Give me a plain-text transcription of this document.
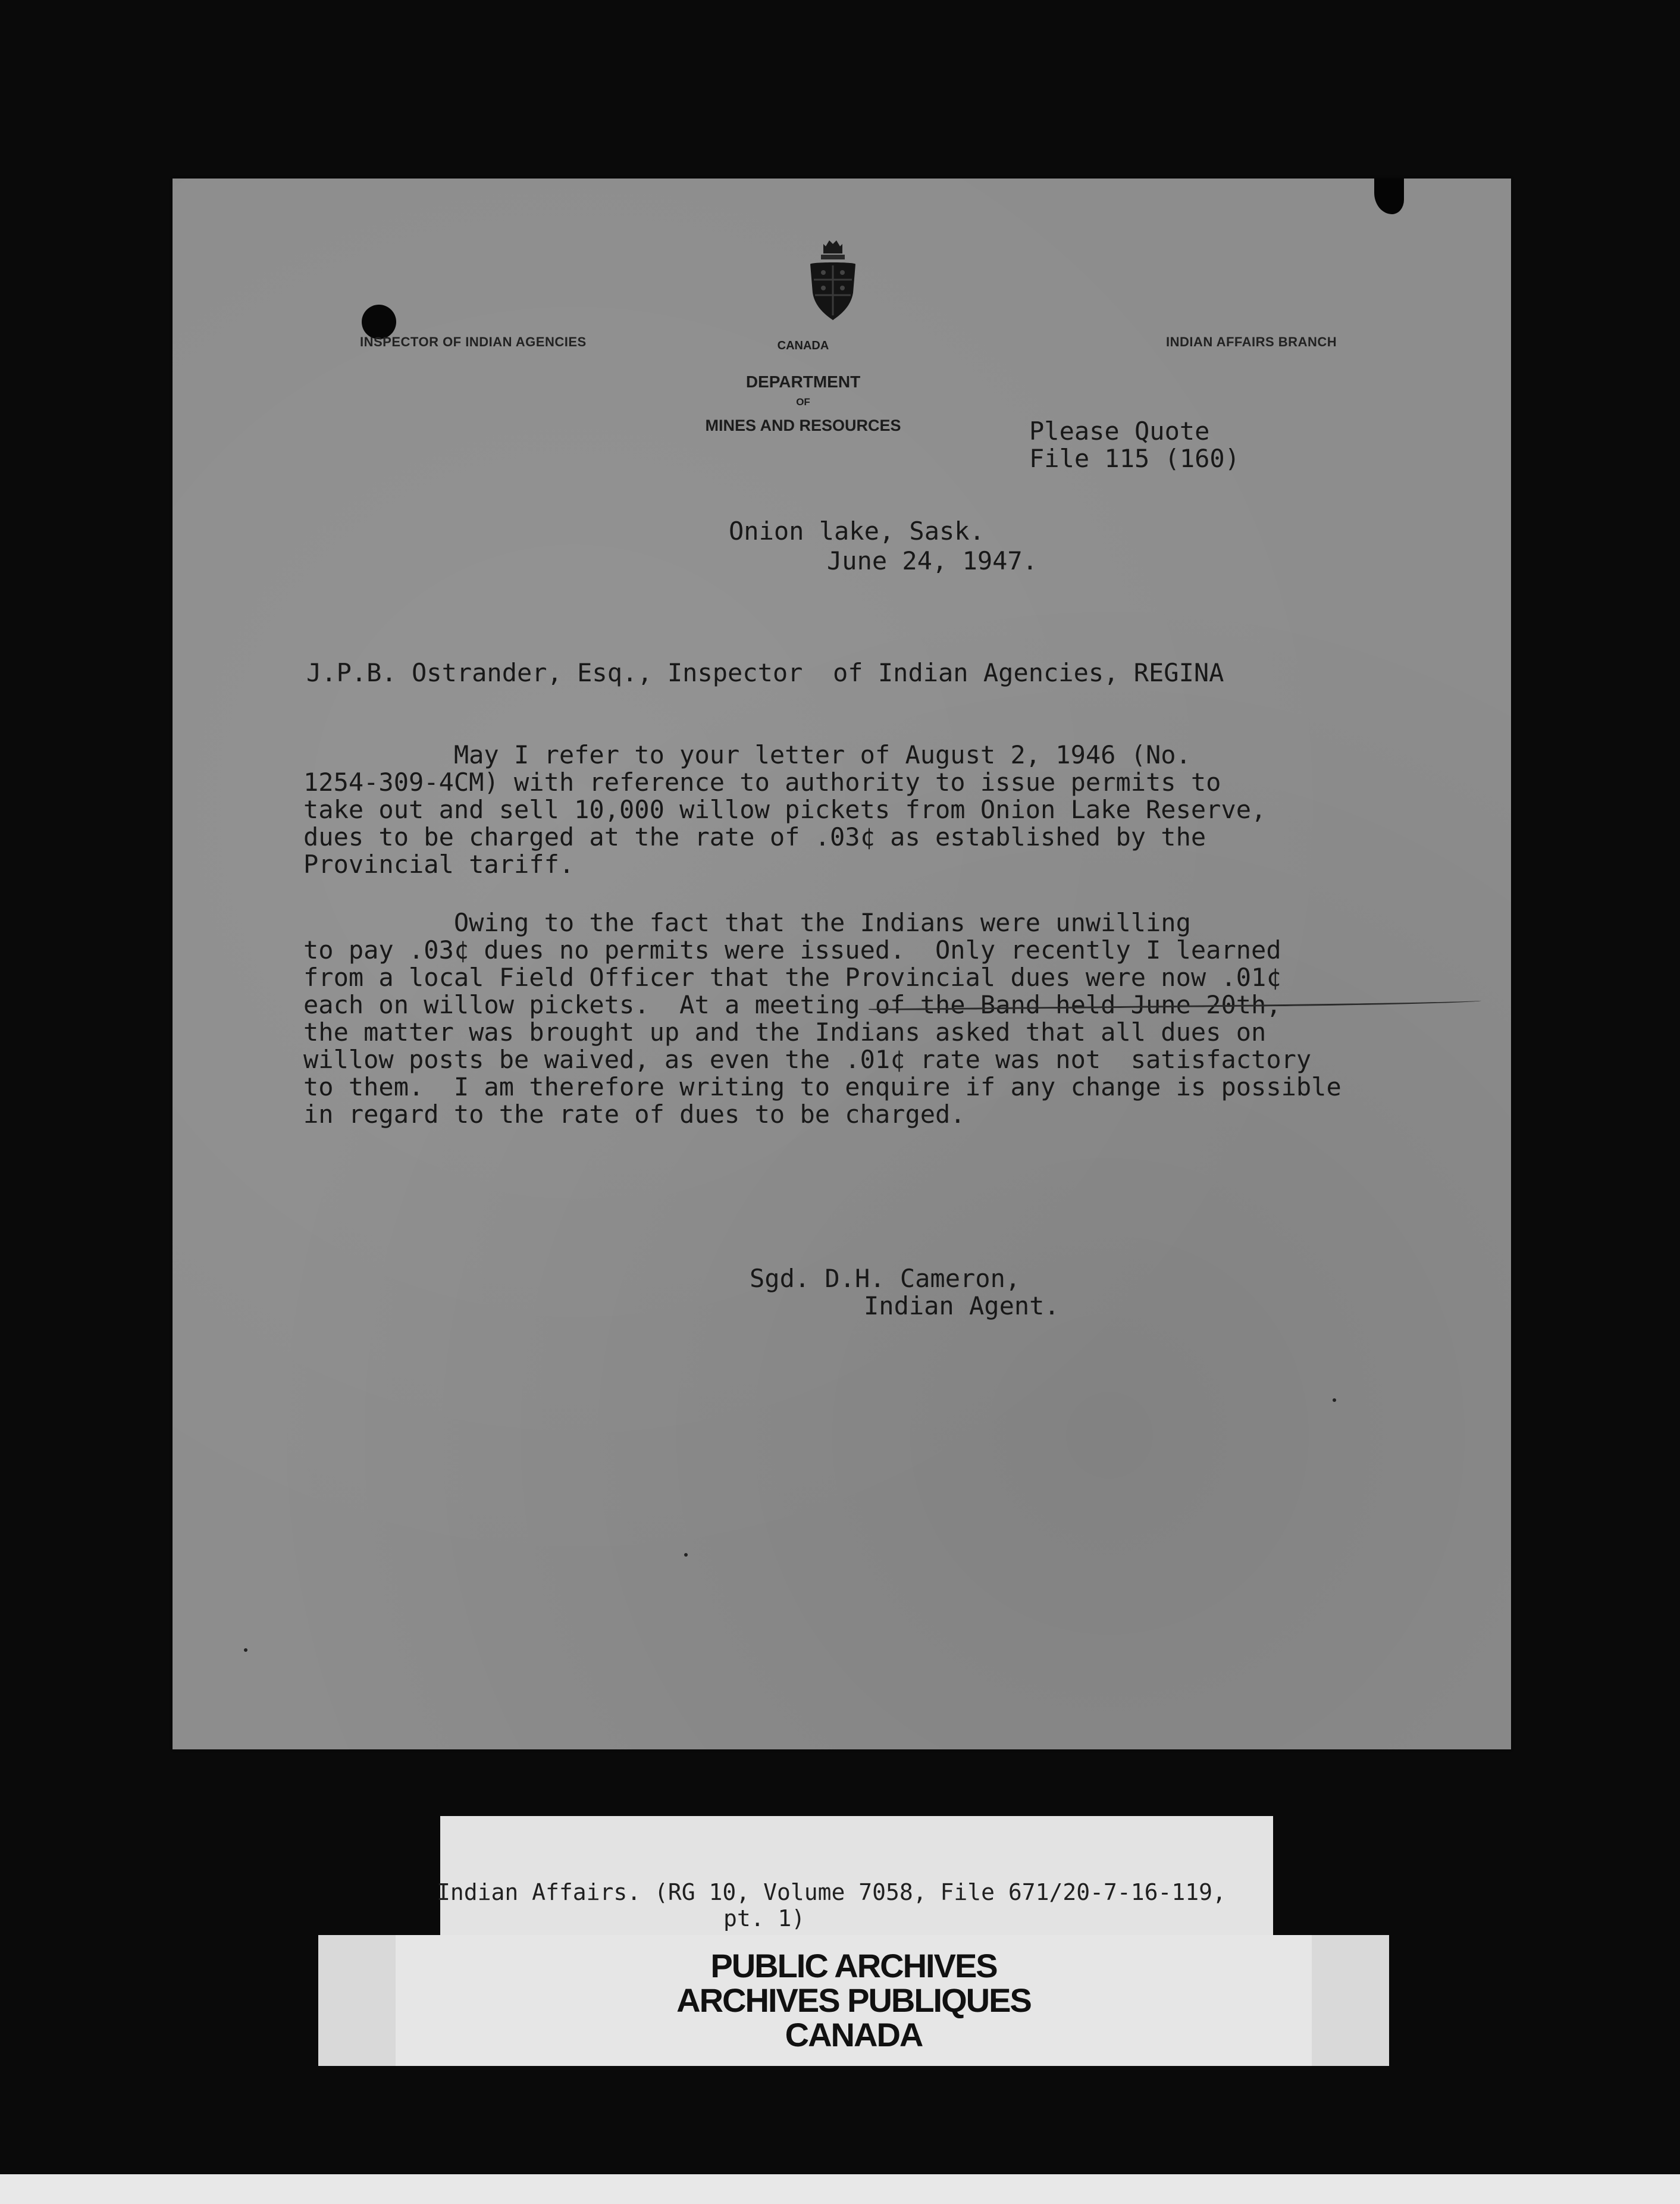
INSPECTOR OF INDIAN AGENCIES	INDIAN AFFAIRS BRANCH
CANADA
DEPARTMENT
OF
MINES AND RESOURCES	Please Quote
File 115 (160)
Onion lake, Sask.
June 24, 1947.
J.P.B. Ostrander, Esq., Inspector  of Indian Agencies, REGINA
May I refer to your letter of August 2, 1946 (No.
1254-309-4CM) with reference to authority to issue permits to
take out and sell 10,000 willow pickets from Onion Lake Reserve,
dues to be charged at the rate of .03¢ as established by the
Provincial tariff.
Owing to the fact that the Indians were unwilling
to pay .03¢ dues no permits were issued.  Only recently I learned
from a local Field Officer that the Provincial dues were now .01¢
each on willow pickets.  At a meeting of the Band held June 20th,
the matter was brought up and the Indians asked that all dues on
willow posts be waived, as even the .01¢ rate was not  satisfactory
to them.  I am therefore writing to enquire if any change is possible
in regard to the rate of dues to be charged.
Sgd. D.H. Cameron,
Indian Agent.
Indian Affairs. (RG 10, Volume 7058, File 671/20-7-16-119,
pt. 1)
PUBLIC ARCHIVES
ARCHIVES PUBLIQUES
CANADA
